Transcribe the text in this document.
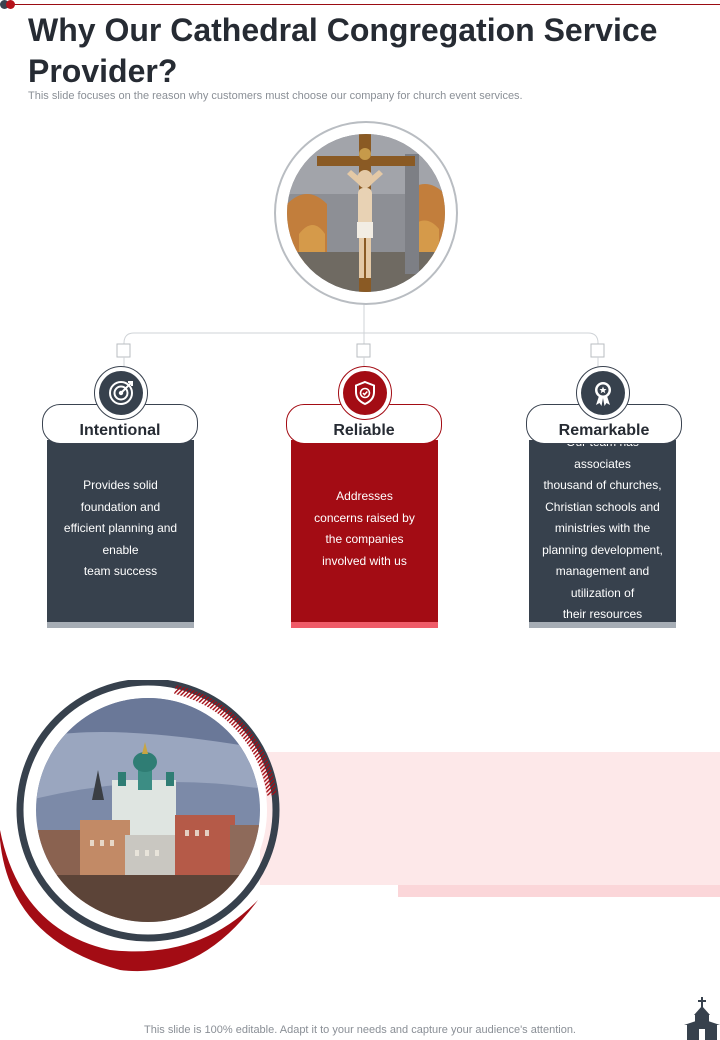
Why Our Cathedral Congregation Service Provider?
This slide focuses on the reason why customers must choose our company for church event services.

Provides solid
foundation and
efficient planning and
enable
team success

Intentional

Addresses
concerns raised by
the companies
involved with us

Reliable

associates
thousand of churches,
Christian schools and
ministries with the
planning development,
management and
utilization of
their resources

Remarkable
This slide is 100% editable. Adapt it to your needs and capture your audience's attention.
